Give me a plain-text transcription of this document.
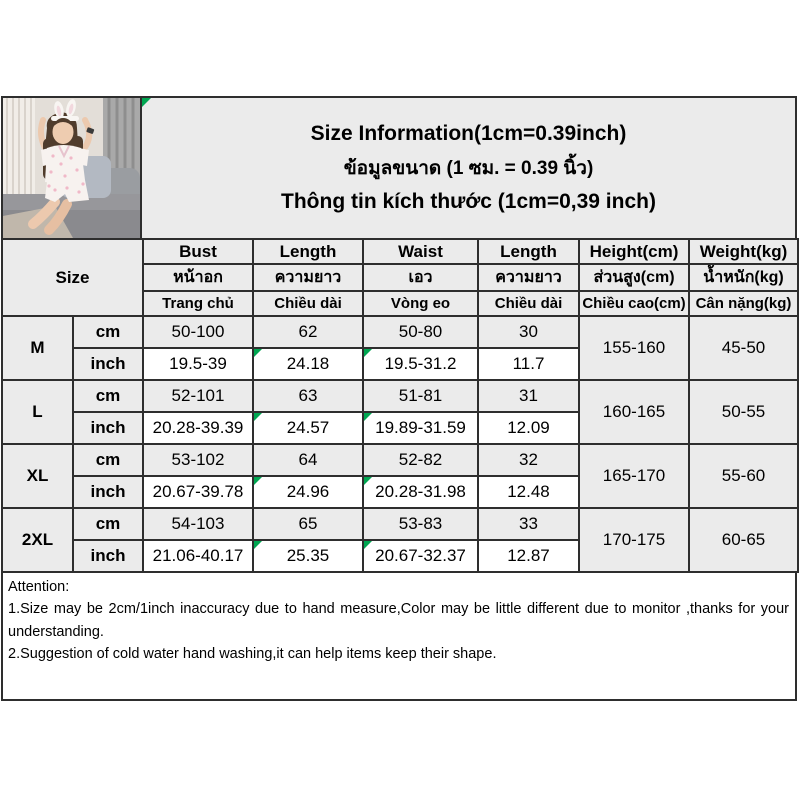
Size Information(1cm=0.39inch)
ข้อมูลขนาด (1 ซม. = 0.39 นิ้ว)
Thông tin kích thước (1cm=0,39 inch)
Size		Bust	Length	Waist	Length	Height(cm)	Weight(kg)
		หน้าอก	ความยาว	เอว	ความยาว	ส่วนสูง(cm)	น้ำหนัก(kg)
		Trang chủ	Chiều dài	Vòng eo	Chiều dài	Chiều cao(cm)	Cân nặng(kg)
M	cm	50-100	62	50-80	30	155-160	45-50
	inch	19.5-39	24.18	19.5-31.2	11.7		
L	cm	52-101	63	51-81	31	160-165	50-55
	inch	20.28-39.39	24.57	19.89-31.59	12.09		
XL	cm	53-102	64	52-82	32	165-170	55-60
	inch	20.67-39.78	24.96	20.28-31.98	12.48		
2XL	cm	54-103	65	53-83	33	170-175	60-65
	inch	21.06-40.17	25.35	20.67-32.37	12.87		
Attention:
1.Size may be 2cm/1inch inaccuracy due to hand measure,Color may be little different due to monitor ,thanks for your understanding.
2.Suggestion of cold water hand washing,it can help items keep their shape.
